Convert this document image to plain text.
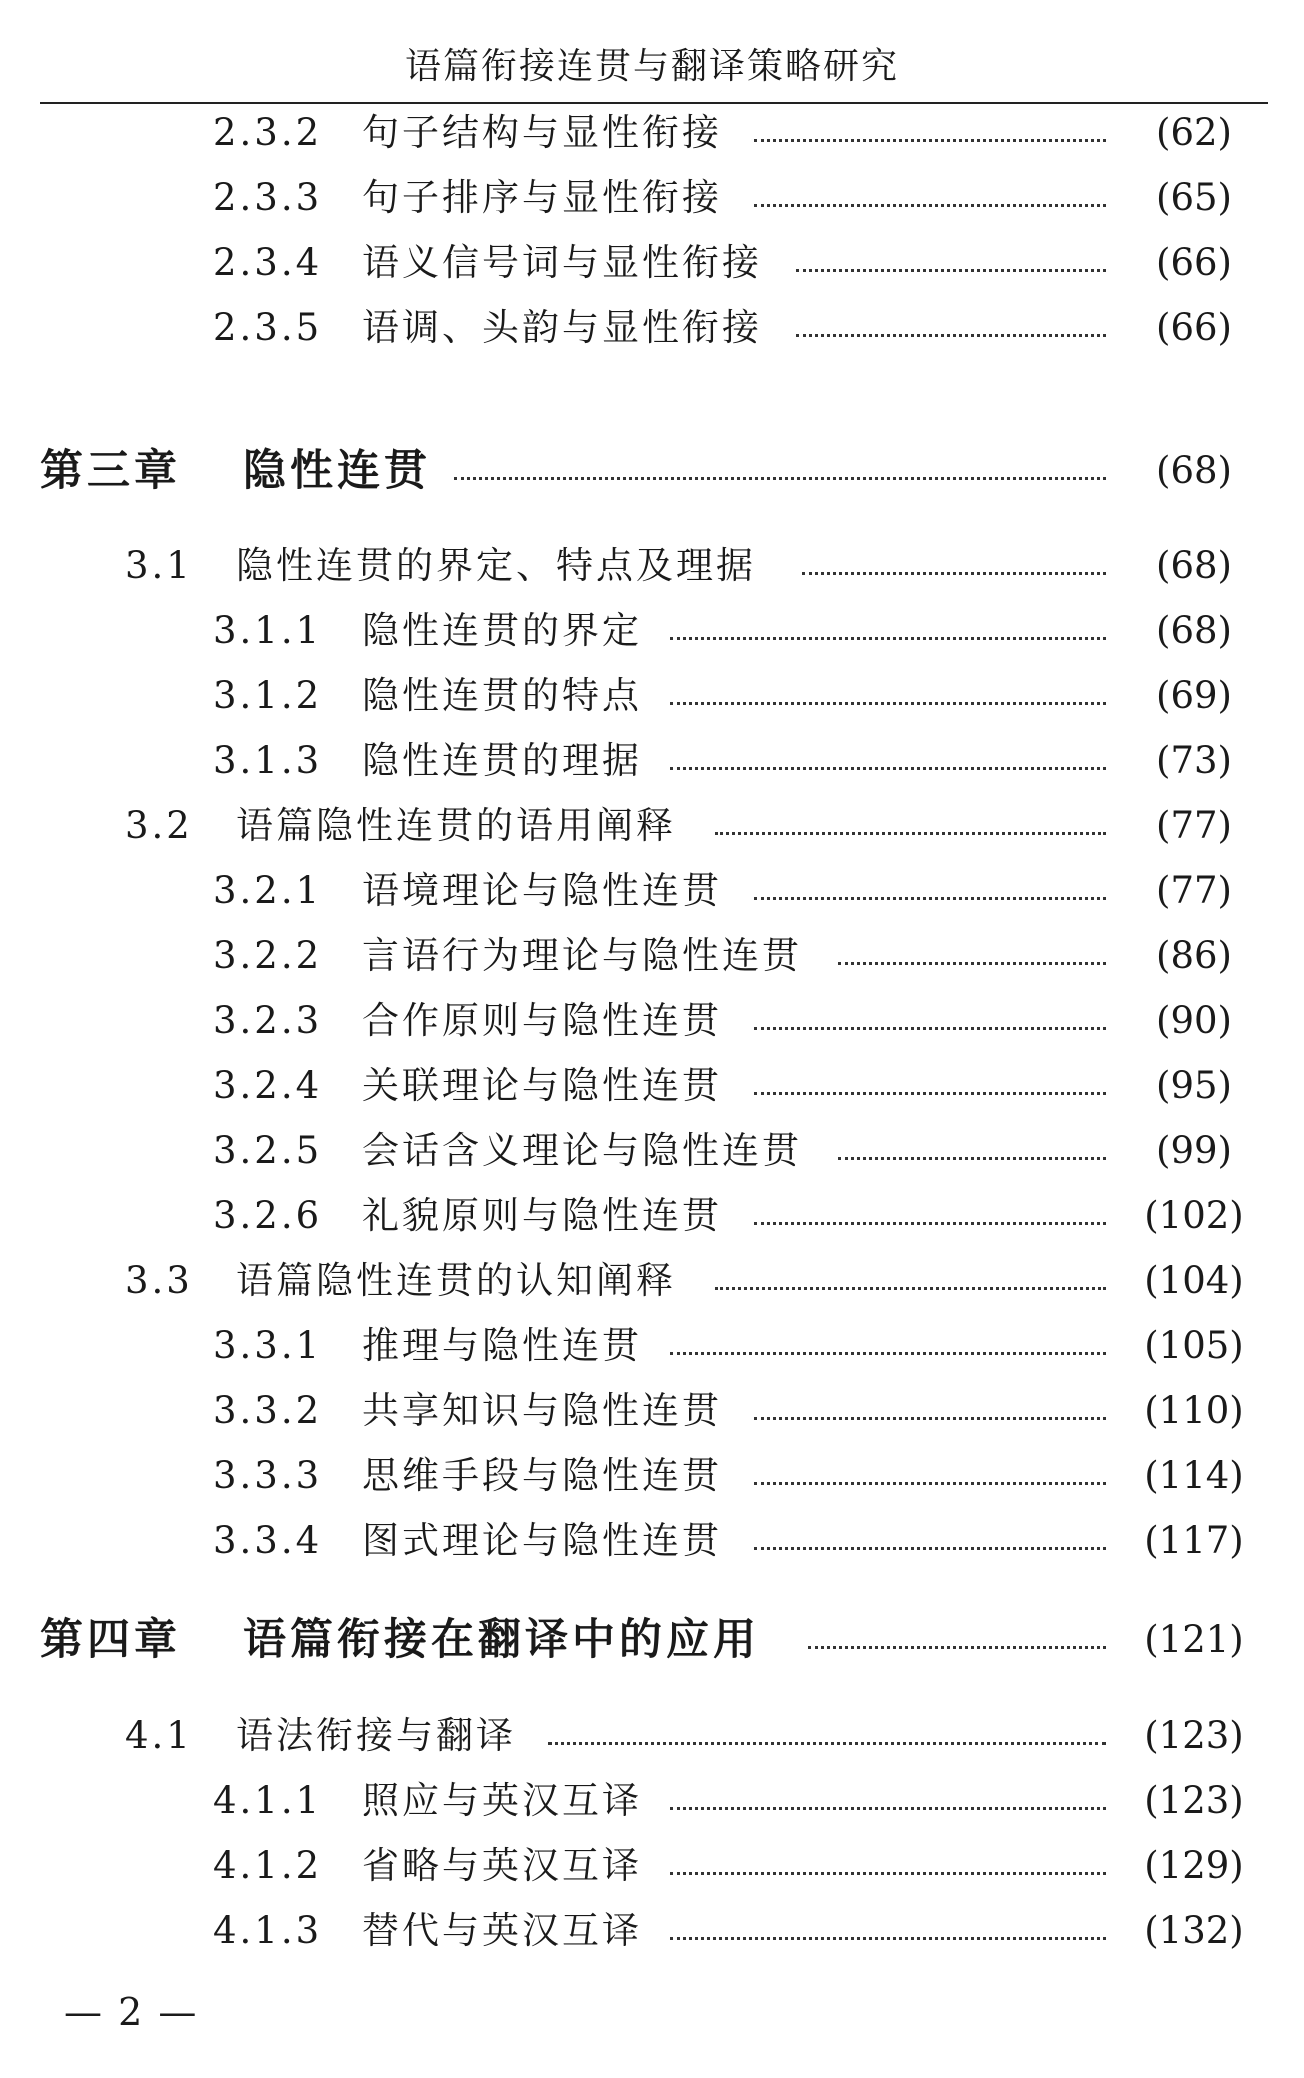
语篇衔接连贯与翻译策略研究
2.3.2 句子结构与显性衔接	(62)
2.3.3 句子排序与显性衔接	(65)
2.3.4 语义信号词与显性衔接	(66)
2.3.5 语调、头韵与显性衔接	(66)
第三章 隐性连贯	(68)
3.1 隐性连贯的界定、特点及理据	(68)
3.1.1 隐性连贯的界定	(68)
3.1.2 隐性连贯的特点	(69)
3.1.3 隐性连贯的理据	(73)
3.2 语篇隐性连贯的语用阐释	(77)
3.2.1 语境理论与隐性连贯	(77)
3.2.2 言语行为理论与隐性连贯	(86)
3.2.3 合作原则与隐性连贯	(90)
3.2.4 关联理论与隐性连贯	(95)
3.2.5 会话含义理论与隐性连贯	(99)
3.2.6 礼貌原则与隐性连贯	(102)
3.3 语篇隐性连贯的认知阐释	(104)
3.3.1 推理与隐性连贯	(105)
3.3.2 共享知识与隐性连贯	(110)
3.3.3 思维手段与隐性连贯	(114)
3.3.4 图式理论与隐性连贯	(117)
第四章 语篇衔接在翻译中的应用	(121)
4.1 语法衔接与翻译	(123)
4.1.1 照应与英汉互译	(123)
4.1.2 省略与英汉互译	(129)
4.1.3 替代与英汉互译	(132)
— 2 —
